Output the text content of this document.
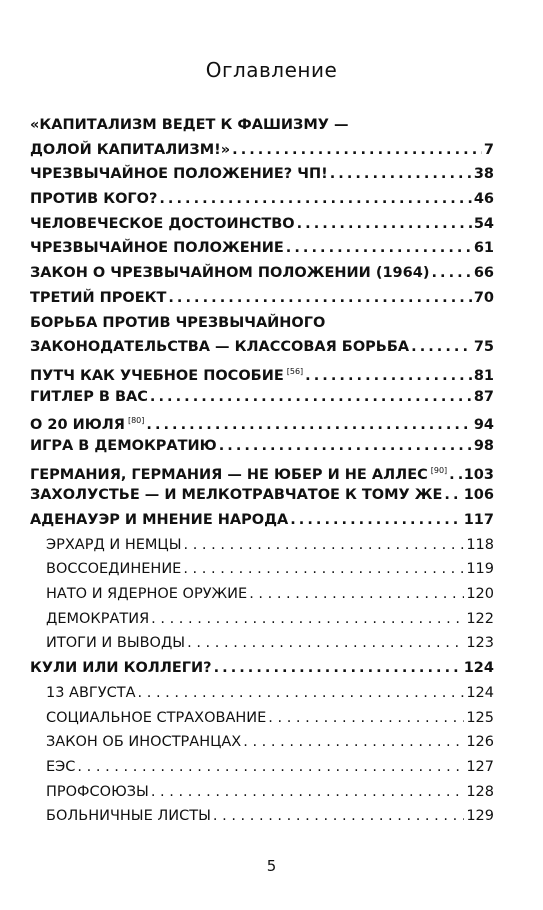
Оглавление
«КАПИТАЛИЗМ ВЕДЕТ К ФАШИЗМУ —
ДОЛОЙ КАПИТАЛИЗМ!» . . .	7
ЧРЕЗВЫЧАЙНОЕ ПОЛОЖЕНИЕ? ЧП! . . .	38
ПРОТИВ КОГО? . . .	46
ЧЕЛОВЕЧЕСКОЕ ДОСТОИНСТВО . . .	54
ЧРЕЗВЫЧАЙНОЕ ПОЛОЖЕНИЕ . . .	61
ЗАКОН О ЧРЕЗВЫЧАЙНОМ ПОЛОЖЕНИИ (1964) . . .	66
ТРЕТИЙ ПРОЕКТ . . .	70
БОРЬБА ПРОТИВ ЧРЕЗВЫЧАЙНОГО
ЗАКОНОДАТЕЛЬСТВА — КЛАССОВАЯ БОРЬБА . . .	75
ПУТЧ КАК УЧЕБНОЕ ПОСОБИЕ [56] . . .	81
ГИТЛЕР В ВАС . . .	87
О 20 ИЮЛЯ [80] . . .	94
ИГРА В ДЕМОКРАТИЮ . . .	98
ГЕРМАНИЯ, ГЕРМАНИЯ — НЕ ЮБЕР И НЕ АЛЛЕС [90] . . . 103
ЗАХОЛУСТЬЕ — И МЕЛКОТРАВЧАТОЕ К ТОМУ ЖЕ . . . 106
АДЕНАУЭР И МНЕНИЕ НАРОДА . . .	117
ЭРХАРД И НЕМЦЫ . . .	118
ВОССОЕДИНЕНИЕ . . .	119
НАТО И ЯДЕРНОЕ ОРУЖИЕ . . .	120
ДЕМОКРАТИЯ . . .	122
ИТОГИ И ВЫВОДЫ . . .	123
КУЛИ ИЛИ КОЛЛЕГИ? . . .	124
13 АВГУСТА . . .	124
СОЦИАЛЬНОЕ СТРАХОВАНИЕ . . .	125
ЗАКОН ОБ ИНОСТРАНЦАХ . . .	126
ЕЭС . . .	127
ПРОФСОЮЗЫ . . .	128
БОЛЬНИЧНЫЕ ЛИСТЫ . . .	129
5
